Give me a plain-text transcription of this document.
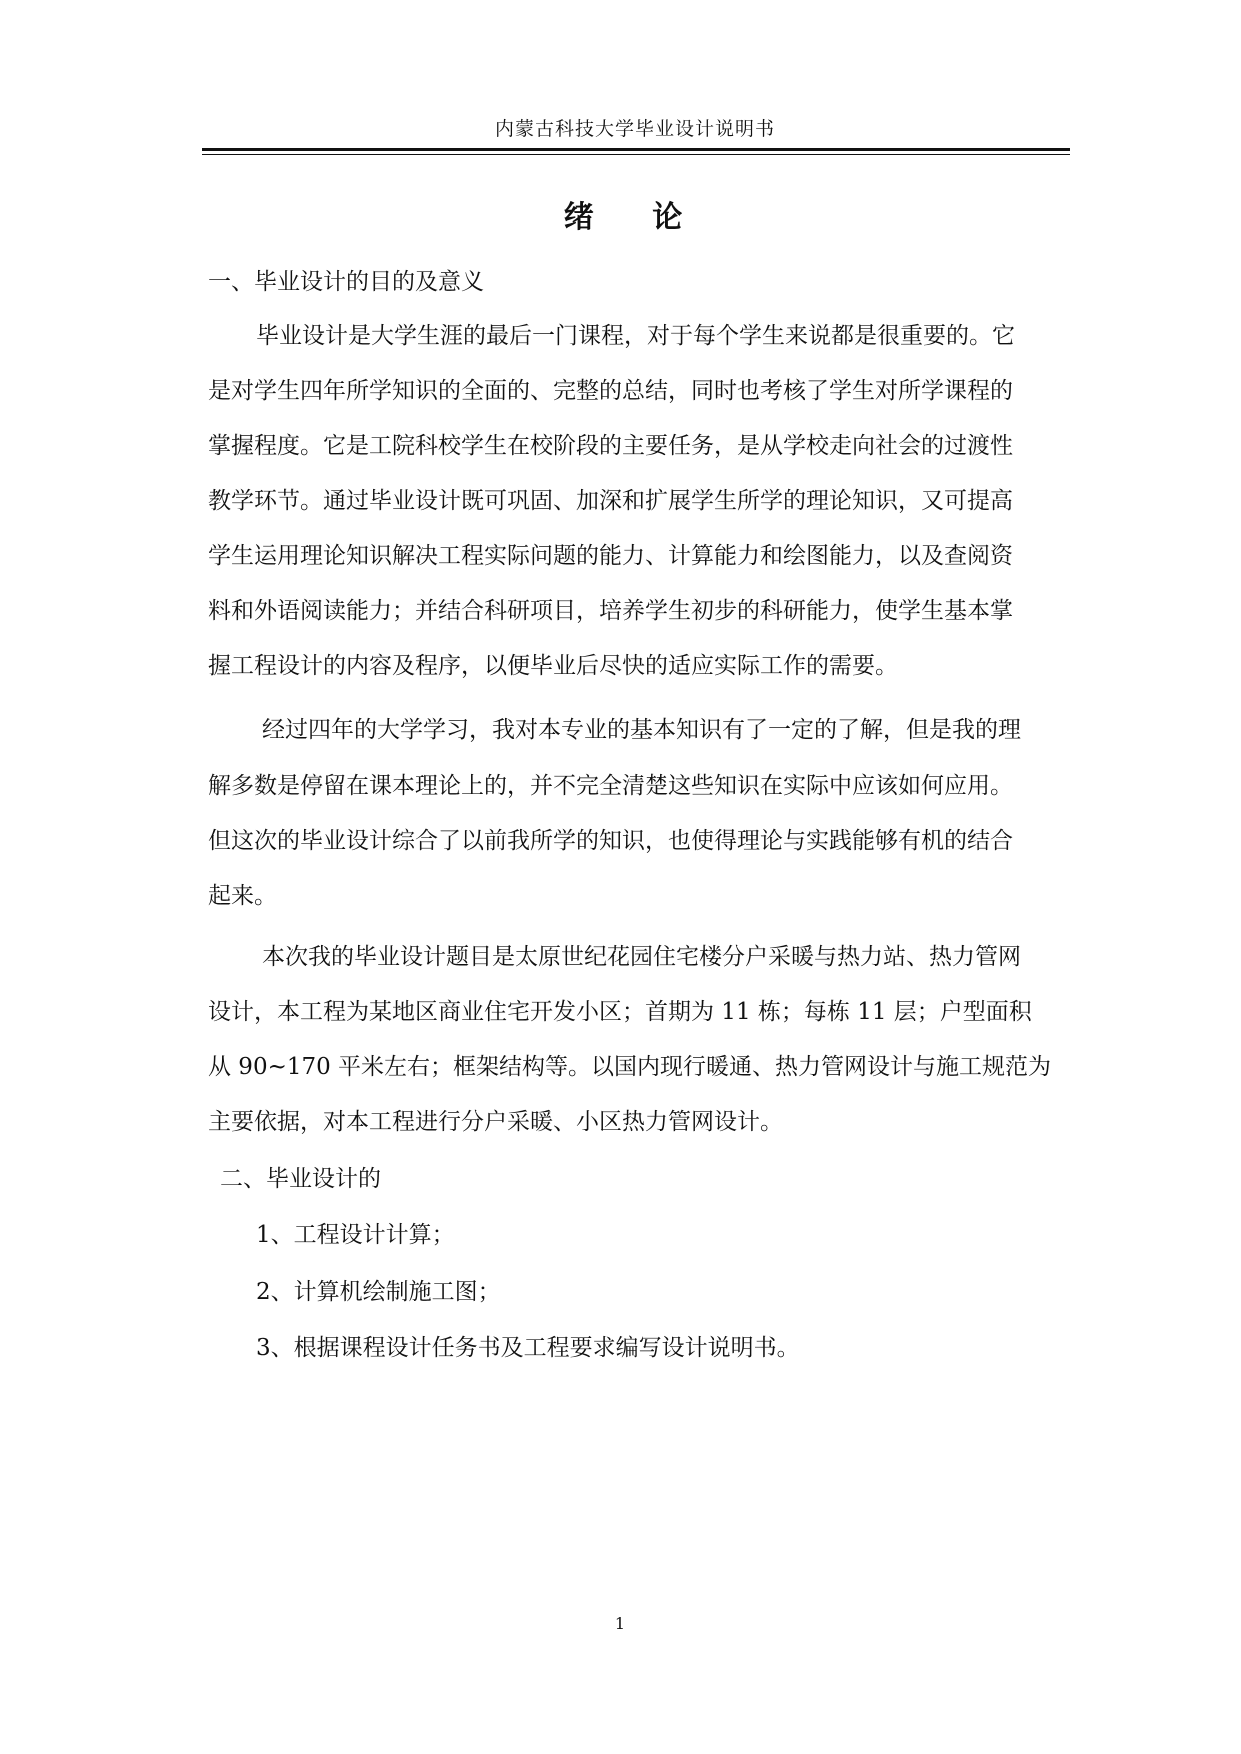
内蒙古科技大学毕业设计说明书
绪 论
一、毕业设计的目的及意义
毕业设计是大学生涯的最后一门课程，对于每个学生来说都是很重要的。它
是对学生四年所学知识的全面的、完整的总结，同时也考核了学生对所学课程的
掌握程度。它是工院科校学生在校阶段的主要任务，是从学校走向社会的过渡性
教学环节。通过毕业设计既可巩固、加深和扩展学生所学的理论知识，又可提高
学生运用理论知识解决工程实际问题的能力、计算能力和绘图能力，以及查阅资
料和外语阅读能力；并结合科研项目，培养学生初步的科研能力，使学生基本掌
握工程设计的内容及程序，以便毕业后尽快的适应实际工作的需要。
经过四年的大学学习，我对本专业的基本知识有了一定的了解，但是我的理
解多数是停留在课本理论上的，并不完全清楚这些知识在实际中应该如何应用。
但这次的毕业设计综合了以前我所学的知识，也使得理论与实践能够有机的结合
起来。
本次我的毕业设计题目是太原世纪花园住宅楼分户采暖与热力站、热力管网
设计，本工程为某地区商业住宅开发小区；首期为 11 栋；每栋 11 层；户型面积
从 90~170 平米左右；框架结构等。以国内现行暖通、热力管网设计与施工规范为
主要依据，对本工程进行分户采暖、小区热力管网设计。
二、毕业设计的
1、工程设计计算；
2、计算机绘制施工图；
3、根据课程设计任务书及工程要求编写设计说明书。
1
